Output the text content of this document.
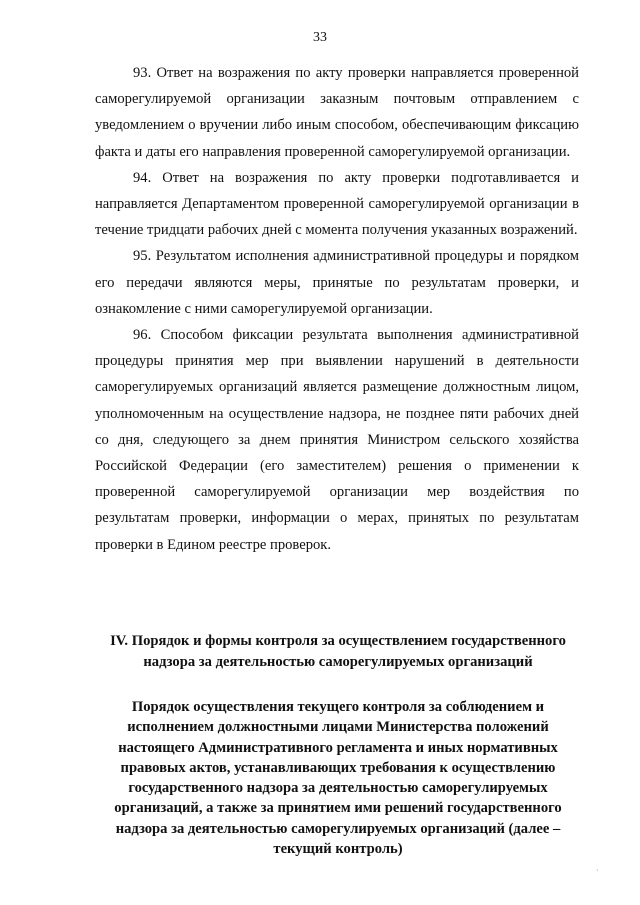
33

93. Ответ на возражения по акту проверки направляется проверенной саморегулируемой организации заказным почтовым отправлением с уведомлением о вручении либо иным способом, обеспечивающим фиксацию факта и даты его направления проверенной саморегулируемой организации.

94. Ответ на возражения по акту проверки подготавливается и направляется Департаментом проверенной саморегулируемой организации в течение тридцати рабочих дней с момента получения указанных возражений.

95. Результатом исполнения административной процедуры и порядком его передачи являются меры, принятые по результатам проверки, и ознакомление с ними саморегулируемой организации.

96. Способом фиксации результата выполнения административной процедуры принятия мер при выявлении нарушений в деятельности саморегулируемых организаций является размещение должностным лицом, уполномоченным на осуществление надзора, не позднее пяти рабочих дней со дня, следующего за днем принятия Министром сельского хозяйства Российской Федерации (его заместителем) решения о применении к проверенной саморегулируемой организации мер воздействия по результатам проверки, информации о мерах, принятых по результатам проверки в Едином реестре проверок.

IV. Порядок и формы контроля за осуществлением государственного надзора за деятельностью саморегулируемых организаций
Порядок осуществления текущего контроля за соблюдением и исполнением должностными лицами Министерства положений настоящего Административного регламента и иных нормативных правовых актов, устанавливающих требования к осуществлению государственного надзора за деятельностью саморегулируемых организаций, а также за принятием ими решений государственного надзора за деятельностью саморегулируемых организаций (далее – текущий контроль)
·
